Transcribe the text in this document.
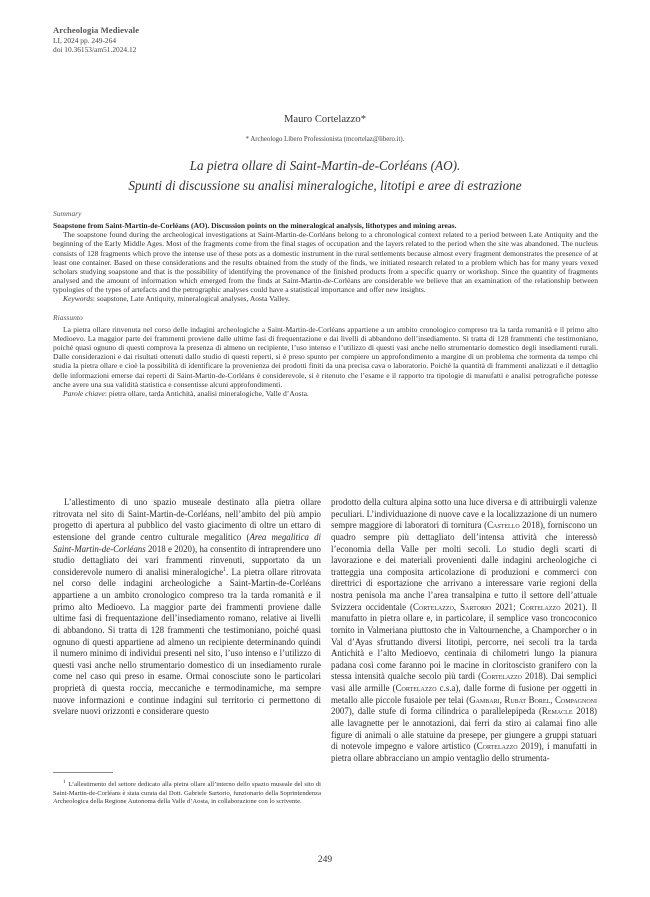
Archeologia Medievale
LI, 2024 pp. 249-264
doi 10.36153/am51.2024.12
Mauro Cortelazzo*
* Archeologo Libero Professionista (mcortelaz@libero.it).
La pietra ollare di Saint-Martin-de-Corléans (AO).
Spunti di discussione su analisi mineralogiche, litotipi e aree di estrazione
Summary
Soapstone from Saint-Martin-de-Corléans (AO). Discussion points on the mineralogical analysis, lithotypes and mining areas.

The soapstone found during the archeological investigations at Saint-Martin-de-Corléans belong to a chronological context related to a period between Late Antiquity and the beginning of the Early Middle Ages. Most of the fragments come from the final stages of occupation and the layers related to the period when the site was abandoned. The nucleus consists of 128 fragments which prove the intense use of these pots as a domestic instrument in the rural settlements because almost every fragment demonstrates the presence of at least one container. Based on these considerations and the results obtained from the study of the finds, we initiated research related to a problem which has for many years vexed scholars studying soapstone and that is the possibility of identifying the provenance of the finished products from a specific quarry or workshop. Since the quantity of fragments analysed and the amount of information which emerged from the finds at Saint-Martin-de-Corléans are considerable we believe that an examination of the relationship between typologies of the types of artefacts and the petrographic analyses could have a statistical importance and offer new insights.

Keywords: soapstone, Late Antiquity, mineralogical analyses, Aosta Valley.

Riassunto

La pietra ollare rinvenuta nel corso delle indagini archeologiche a Saint-Martin-de-Corléans appartiene a un ambito cronologico compreso tra la tarda romanità e il primo alto Medioevo. La maggior parte dei frammenti proviene dalle ultime fasi di frequentazione e dai livelli di abbandono dell’insediamento. Si tratta di 128 frammenti che testimoniano, poiché quasi ognuno di questi comprova la presenza di almeno un recipiente, l’uso intenso e l’utilizzo di questi vasi anche nello strumentario domestico degli insediamenti rurali. Dalle considerazioni e dai risultati ottenuti dallo studio di questi reperti, si è preso spunto per compiere un approfondimento a margine di un problema che tormenta da tempo chi studia la pietra ollare e cioè la possibilità di identificare la provenienza dei prodotti finiti da una precisa cava o laboratorio. Poiché la quantità di frammenti analizzati e il dettaglio delle informazioni emerse dai reperti di Saint-Martin-de-Corléans è considerevole, si è ritenuto che l’esame e il rapporto tra tipologie di manufatti e analisi petrografiche potesse anche avere una sua validità statistica e consentisse alcuni approfondimenti.

Parole chiave: pietra ollare, tarda Antichità, analisi mineralogiche, Valle d’Aosta.

L’allestimento di uno spazio museale destinato alla pietra ollare ritrovata nel sito di Saint-Martin-de-Corléans, nell’ambito del più ampio progetto di apertura al pubblico del vasto giacimento di oltre un ettaro di estensione del grande centro culturale megalitico (Area megalitica di Saint-Martin-de-Corléans 2018 e 2020), ha consentito di intraprendere uno studio dettagliato dei vari frammenti rinvenuti, supportato da un considerevole numero di analisi mineralogiche$^1$. La pietra ollare ritrovata nel corso delle indagini archeologiche a Saint-Martin-de-Corléans appartiene a un ambito cronologico compreso tra la tarda romanità e il primo alto Medioevo. La maggior parte dei frammenti proviene dalle ultime fasi di frequentazione dell’insediamento romano, relative ai livelli di abbandono. Si tratta di 128 frammenti che testimoniano, poiché quasi ognuno di questi appartiene ad almeno un recipiente determinando quindi il numero minimo di individui presenti nel sito, l’uso intenso e l’utilizzo di questi vasi anche nello strumentario domestico di un insediamento rurale come nel caso qui preso in esame. Ormai conosciute sono le particolari proprietà di questa roccia, meccaniche e termodinamiche, ma sempre nuove informazioni e continue indagini sul territorio ci permettono di svelare nuovi orizzonti e considerare questo

prodotto della cultura alpina sotto una luce diversa e di attribuirgli valenze peculiari. L’individuazione di nuove cave e la localizzazione di un numero sempre maggiore di laboratori di tornitura (Castello 2018), forniscono un quadro sempre più dettagliato dell’intensa attività che interessò l’economia della Valle per molti secoli. Lo studio degli scarti di lavorazione e dei materiali provenienti dalle indagini archeologiche ci tratteggia una composita articolazione di produzioni e commerci con direttrici di esportazione che arrivano a interessare varie regioni della nostra penisola ma anche l’area transalpina e tutto il settore dell’attuale Svizzera occidentale (Cortelazzo, Sartorio 2021; Cortelazzo 2021). Il manufatto in pietra ollare e, in particolare, il semplice vaso troncoconico tornito in Valmeriana piuttosto che in Valtournenche, a Champorcher o in Val d’Ayas sfruttando diversi litotipi, percorre, nei secoli tra la tarda Antichità e l’alto Medioevo, centinaia di chilometri lungo la pianura padana così come faranno poi le macine in cloritoscisto granifero con la stessa intensità qualche secolo più tardi (Cortelazzo 2018). Dai semplici vasi alle armille (Cortelazzo c.s.a), dalle forme di fusione per oggetti in metallo alle piccole fusaiole per telai (Gambari, Rubat Borel, Compagnoni 2007), dalle stufe di forma cilindrica o parallelepipeda (Remacle 2018) alle lavagnette per le annotazioni, dai ferri da stiro ai calamai fino alle figure di animali o alle statuine da presepe, per giungere a gruppi statuari di notevole impegno e valore artistico (Cortelazzo 2019), i manufatti in pietra ollare abbracciano un ampio ventaglio dello strumenta-

$^1$ L’allestimento del settore dedicato alla pietra ollare all’interno dello spazio museale del sito di Saint-Martin-de-Corléans è stata curata dal Dott. Gabriele Sartorio, funzionario della Soprintendenza Archeologica della Regione Autonoma della Valle d’Aosta, in collaborazione con lo scrivente.
249
